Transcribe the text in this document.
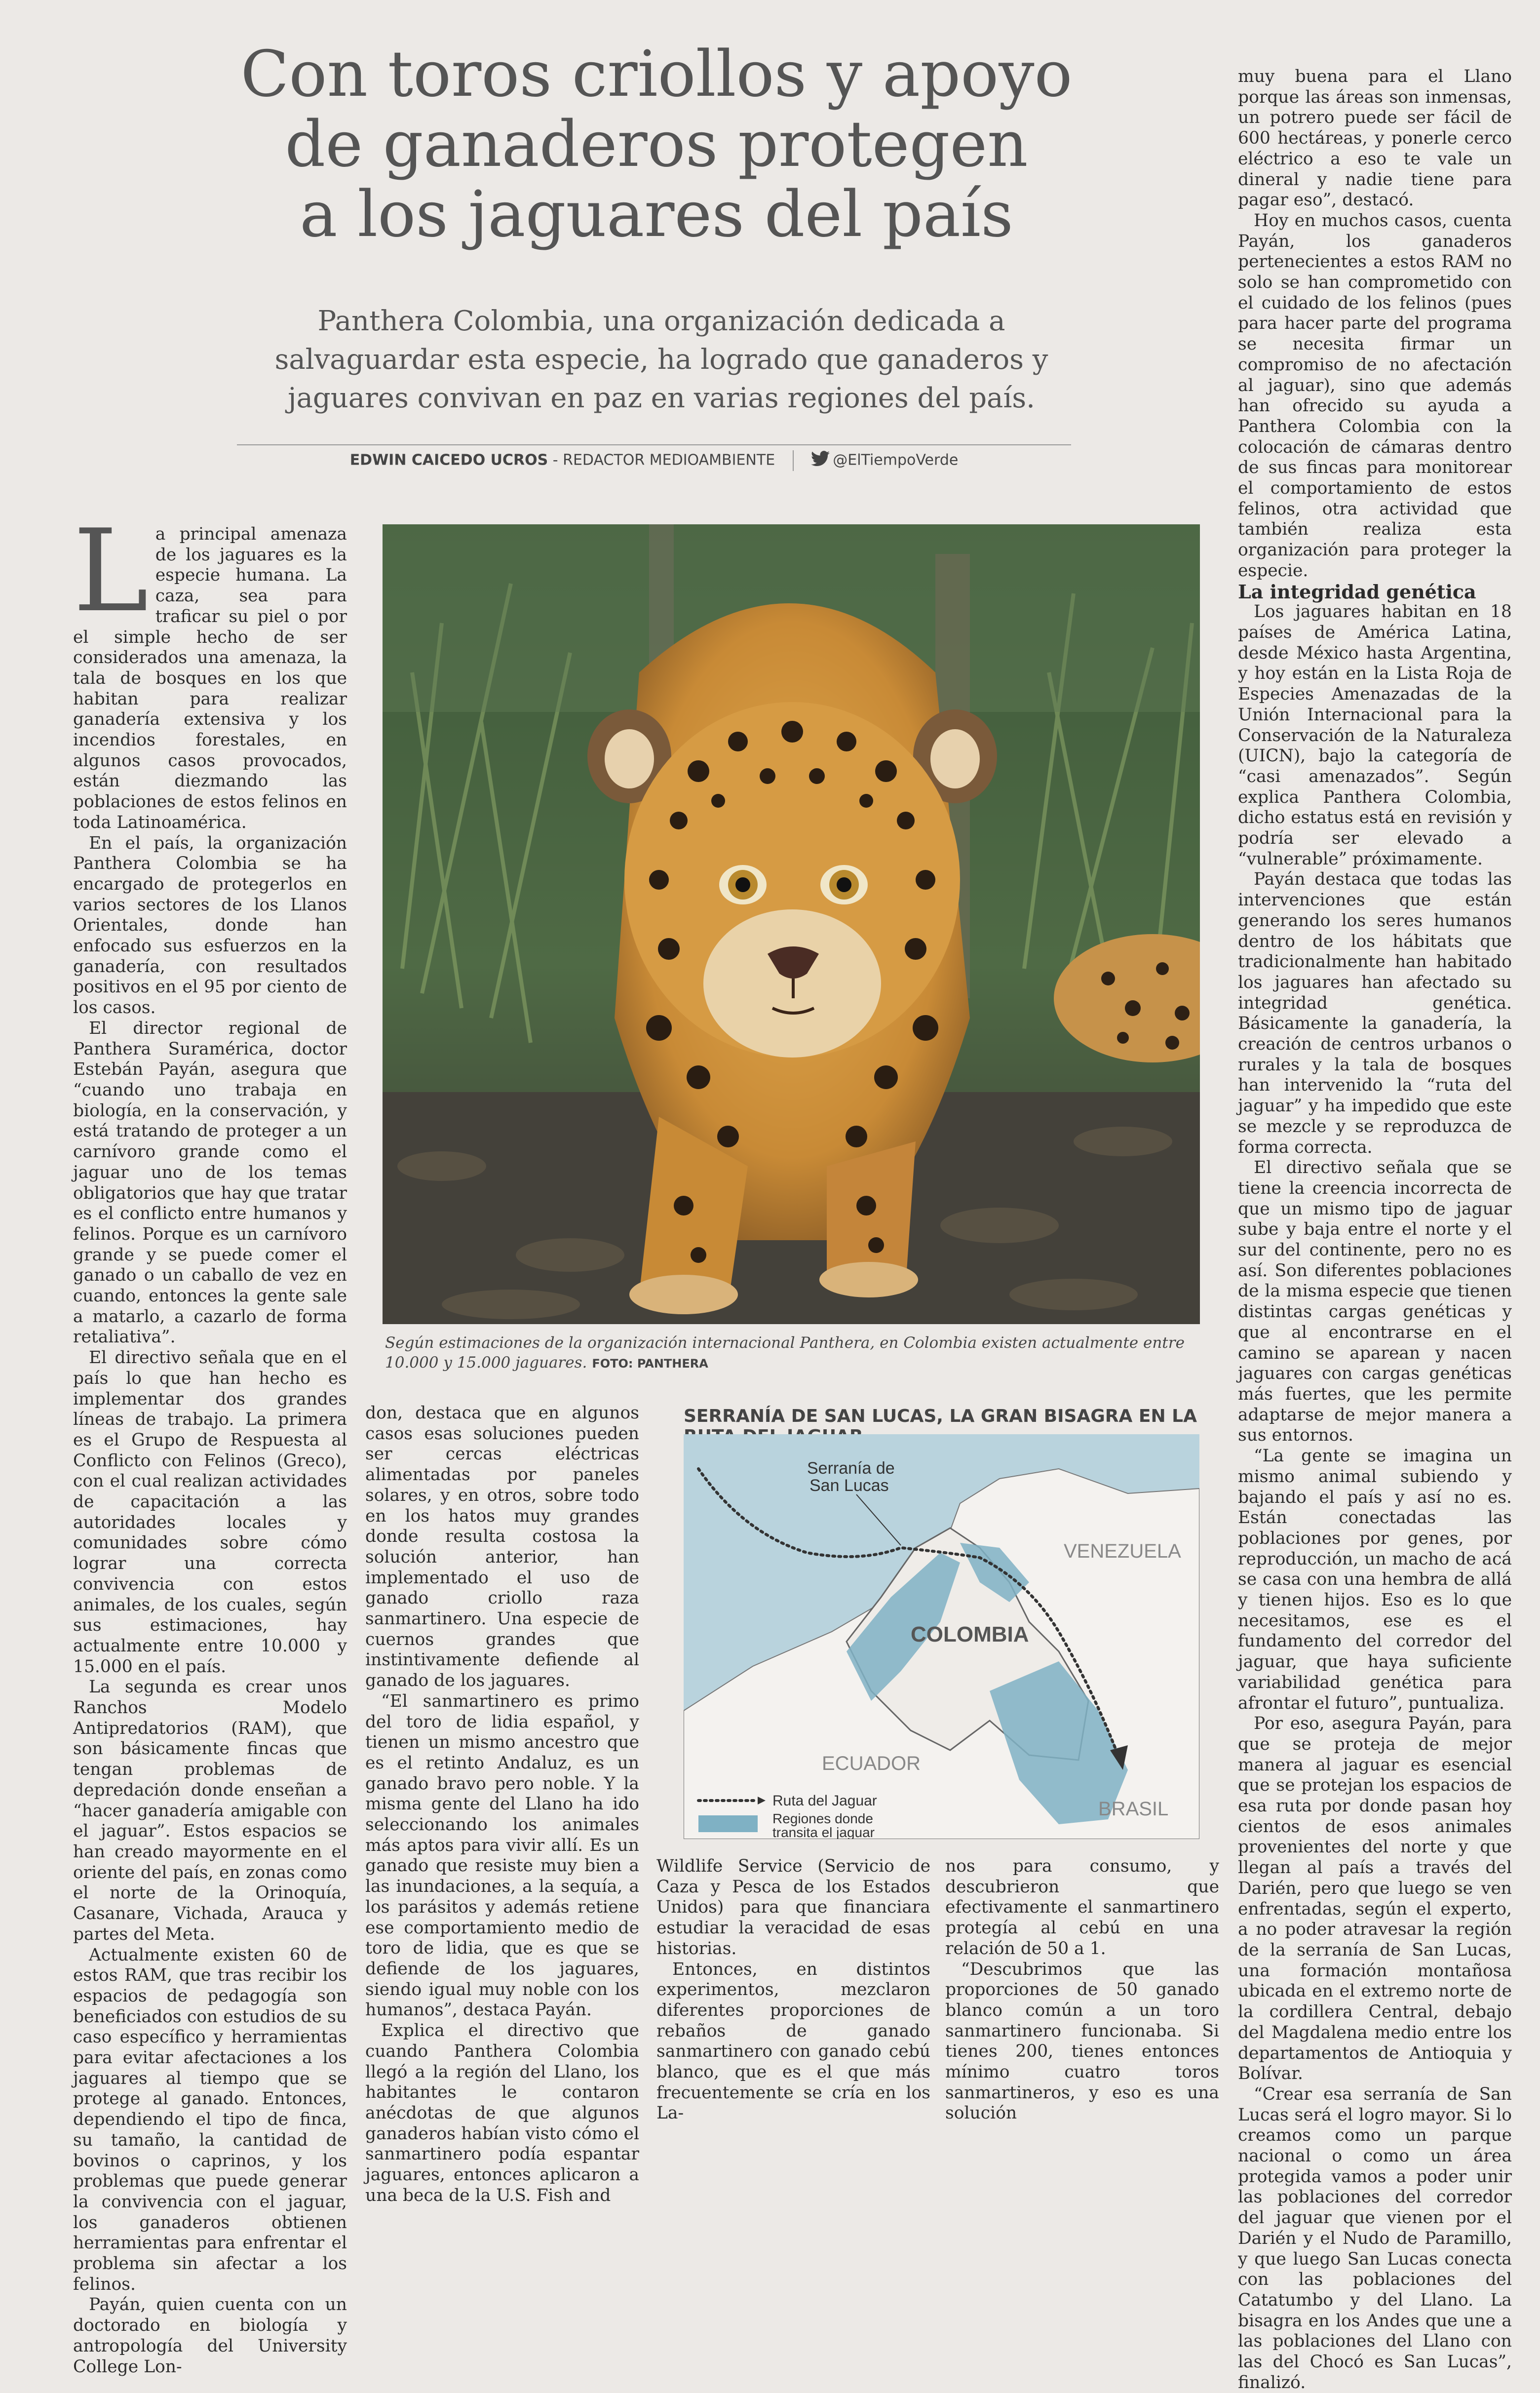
Con toros criollos y apoyo
de ganaderos protegen
a los jaguares del país
Panthera Colombia, una organización dedicada a
salvaguardar esta especie, ha logrado que ganaderos y
jaguares convivan en paz en varias regiones del país.
EDWIN CAICEDO UCROS - REDACTOR MEDIOAMBIENTE	@ElTiempoVerde

La principal amenaza de los jaguares es la especie humana. La caza, sea para traficar su piel o por el simple hecho de ser considerados una amenaza, la tala de bosques en los que habitan para realizar ganadería extensiva y los incendios forestales, en algunos casos provocados, están diezmando las poblaciones de estos felinos en toda Latinoamérica.

En el país, la organización Panthera Colombia se ha encargado de protegerlos en varios sectores de los Llanos Orientales, donde han enfocado sus esfuerzos en la ganadería, con resultados positivos en el 95 por ciento de los casos.

El director regional de Panthera Suramérica, doctor Estebán Payán, asegura que “cuando uno trabaja en biología, en la conservación, y está tratando de proteger a un carnívoro grande como el jaguar uno de los temas obligatorios que hay que tratar es el conflicto entre humanos y felinos. Porque es un carnívoro grande y se puede comer el ganado o un caballo de vez en cuando, entonces la gente sale a matarlo, a cazarlo de forma retaliativa”.

El directivo señala que en el país lo que han hecho es implementar dos grandes líneas de trabajo. La primera es el Grupo de Respuesta al Conflicto con Felinos (Greco), con el cual realizan actividades de capacitación a las autoridades locales y comunidades sobre cómo lograr una correcta convivencia con estos animales, de los cuales, según sus estimaciones, hay actualmente entre 10.000 y 15.000 en el país.

La segunda es crear unos Ranchos Modelo Antipredatorios (RAM), que son básicamente fincas que tengan problemas de depredación donde enseñan a “hacer ganadería amigable con el jaguar”. Estos espacios se han creado mayormente en el oriente del país, en zonas como el norte de la Orinoquía, Casanare, Vichada, Arauca y partes del Meta.

Actualmente existen 60 de estos RAM, que tras recibir los espacios de pedagogía son beneficiados con estudios de su caso específico y herramientas para evitar afectaciones a los jaguares al tiempo que se protege al ganado. Entonces, dependiendo el tipo de finca, su tamaño, la cantidad de bovinos o caprinos, y los problemas que puede generar la convivencia con el jaguar, los ganaderos obtienen herramientas para enfrentar el problema sin afectar a los felinos.

Payán, quien cuenta con un doctorado en biología y antropología del University College Lon-

Según estimaciones de la organización internacional Panthera, en Colombia existen actualmente entre 10.000 y 15.000 jaguares. FOTO: PANTHERA

don, destaca que en algunos casos esas soluciones pueden ser cercas eléctricas alimentadas por paneles solares, y en otros, sobre todo en los hatos muy grandes donde resulta costosa la solución anterior, han implementado el uso de ganado criollo raza sanmartinero. Una especie de cuernos grandes que instintivamente defiende al ganado de los jaguares.

“El sanmartinero es primo del toro de lidia español, y tienen un mismo ancestro que es el retinto Andaluz, es un ganado bravo pero noble. Y la misma gente del Llano ha ido seleccionando los animales más aptos para vivir allí. Es un ganado que resiste muy bien a las inundaciones, a la sequía, a los parásitos y además retiene ese comportamiento medio de toro de lidia, que es que se defiende de los jaguares, siendo igual muy noble con los humanos”, destaca Payán.

Explica el directivo que cuando Panthera Colombia llegó a la región del Llano, los habitantes le contaron anécdotas de que algunos ganaderos habían visto cómo el sanmartinero podía espantar jaguares, entonces aplicaron a una beca de la U.S. Fish and

SERRANÍA DE SAN LUCAS, LA GRAN BISAGRA EN LA
Serranía de
San Lucas
VENEZUELA
COLOMBIA
ECUADOR
BRASIL
Ruta del Jaguar
Regiones donde
transita el jaguar

Wildlife Service (Servicio de Caza y Pesca de los Estados Unidos) para que financiara estudiar la veracidad de esas historias.

Entonces, en distintos experimentos, mezclaron diferentes proporciones de rebaños de ganado sanmartinero con ganado cebú blanco, que es el que más frecuentemente se cría en los La-

nos para consumo, y descubrieron que efectivamente el sanmartinero protegía al cebú en una relación de 50 a 1.

“Descubrimos que las proporciones de 50 ganado blanco común a un toro sanmartinero funcionaba. Si tienes 200, tienes entonces mínimo cuatro toros sanmartineros, y eso es una solución

muy buena para el Llano porque las áreas son inmensas, un potrero puede ser fácil de 600 hectáreas, y ponerle cerco eléctrico a eso te vale un dineral y nadie tiene para pagar eso”, destacó.

Hoy en muchos casos, cuenta Payán, los ganaderos pertenecientes a estos RAM no solo se han comprometido con el cuidado de los felinos (pues para hacer parte del programa se necesita firmar un compromiso de no afectación al jaguar), sino que además han ofrecido su ayuda a Panthera Colombia con la colocación de cámaras dentro de sus fincas para monitorear el comportamiento de estos felinos, otra actividad que también realiza esta organización para proteger la especie.

La integridad genética

Los jaguares habitan en 18 países de América Latina, desde México hasta Argentina, y hoy están en la Lista Roja de Especies Amenazadas de la Unión Internacional para la Conservación de la Naturaleza (UICN), bajo la categoría de “casi amenazados”. Según explica Panthera Colombia, dicho estatus está en revisión y podría ser elevado a “vulnerable” próximamente.

Payán destaca que todas las intervenciones que están generando los seres humanos dentro de los hábitats que tradicionalmente han habitado los jaguares han afectado su integridad genética. Básicamente la ganadería, la creación de centros urbanos o rurales y la tala de bosques han intervenido la “ruta del jaguar” y ha impedido que este se mezcle y se reproduzca de forma correcta.

El directivo señala que se tiene la creencia incorrecta de que un mismo tipo de jaguar sube y baja entre el norte y el sur del continente, pero no es así. Son diferentes poblaciones de la misma especie que tienen distintas cargas genéticas y que al encontrarse en el camino se aparean y nacen jaguares con cargas genéticas más fuertes, que les permite adaptarse de mejor manera a sus entornos.

“La gente se imagina un mismo animal subiendo y bajando el país y así no es. Están conectadas las poblaciones por genes, por reproducción, un macho de acá se casa con una hembra de allá y tienen hijos. Eso es lo que necesitamos, ese es el fundamento del corredor del jaguar, que haya suficiente variabilidad genética para afrontar el futuro”, puntualiza.

Por eso, asegura Payán, para que se proteja de mejor manera al jaguar es esencial que se protejan los espacios de esa ruta por donde pasan hoy cientos de esos animales provenientes del norte y que llegan al país a través del Darién, pero que luego se ven enfrentadas, según el experto, a no poder atravesar la región de la serranía de San Lucas, una formación montañosa ubicada en el extremo norte de la cordillera Central, debajo del Magdalena medio entre los departamentos de Antioquia y Bolívar.

“Crear esa serranía de San Lucas será el logro mayor. Si lo creamos como un parque nacional o como un área protegida vamos a poder unir las poblaciones del corredor del jaguar que vienen por el Darién y el Nudo de Paramillo, y que luego San Lucas conecta con las poblaciones del Catatumbo y del Llano. La bisagra en los Andes que une a las poblaciones del Llano con las del Chocó es San Lucas”, finalizó.
